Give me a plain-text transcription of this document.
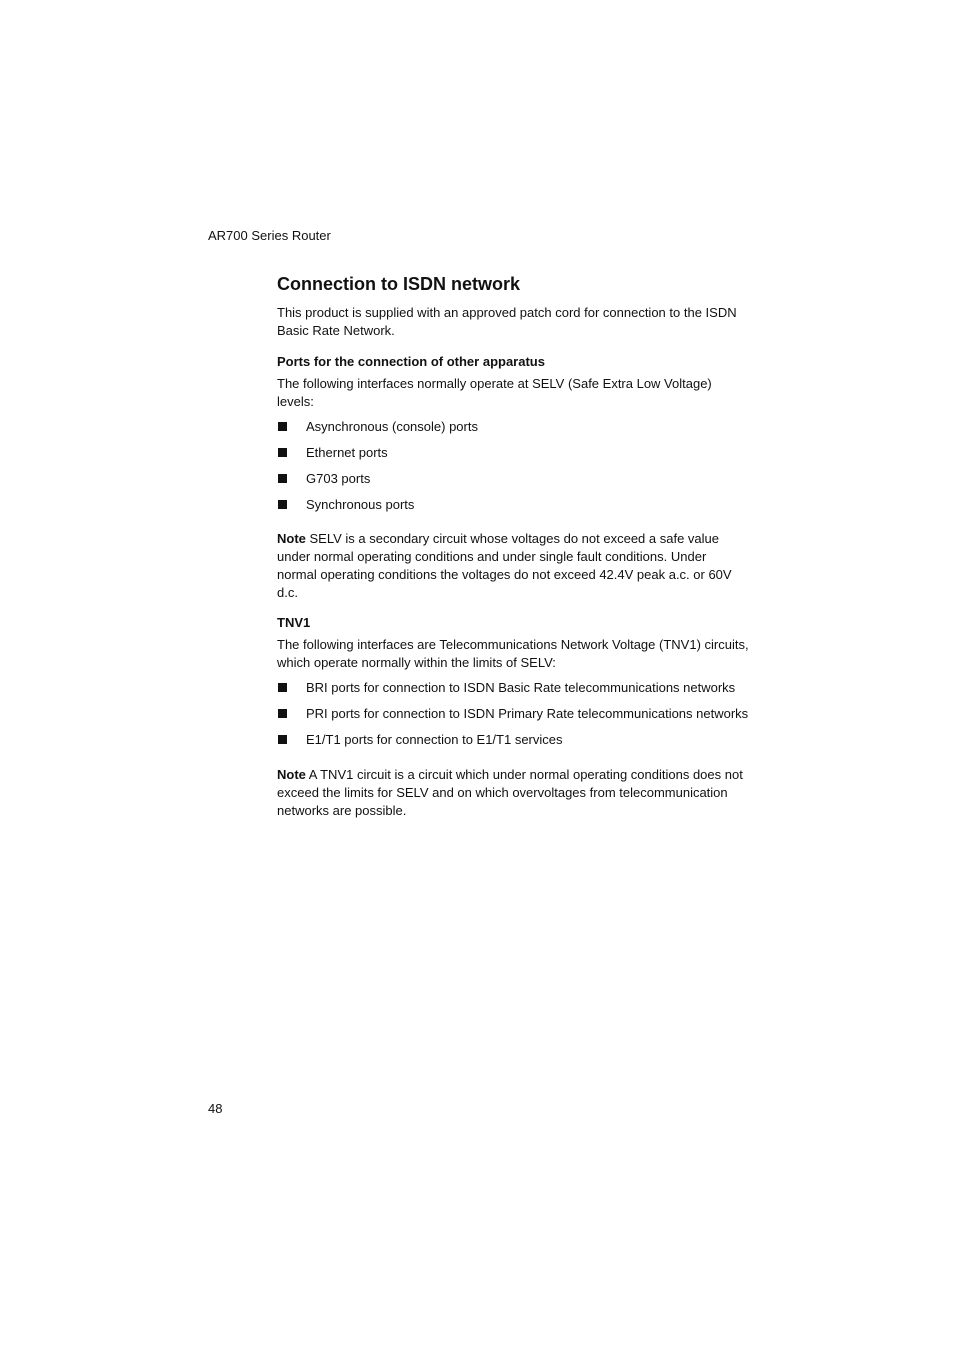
AR700 Series Router
Connection to ISDN network

This product is supplied with an approved patch cord for connection to the ISDN Basic Rate Network.

Ports for the connection of other apparatus

The following interfaces normally operate at SELV (Safe Extra Low Voltage) levels:

Asynchronous (console) ports
Ethernet ports
G703 ports
Synchronous ports

Note SELV is a secondary circuit whose voltages do not exceed a safe value under normal operating conditions and under single fault conditions. Under normal operating conditions the voltages do not exceed 42.4V peak a.c. or 60V d.c.

TNV1

The following interfaces are Telecommunications Network Voltage (TNV1) circuits, which operate normally within the limits of SELV:

BRI ports for connection to ISDN Basic Rate telecommunications networks
PRI ports for connection to ISDN Primary Rate telecommunications networks
E1/T1 ports for connection to E1/T1 services

Note A TNV1 circuit is a circuit which under normal operating conditions does not exceed the limits for SELV and on which overvoltages from telecommunication networks are possible.

48
